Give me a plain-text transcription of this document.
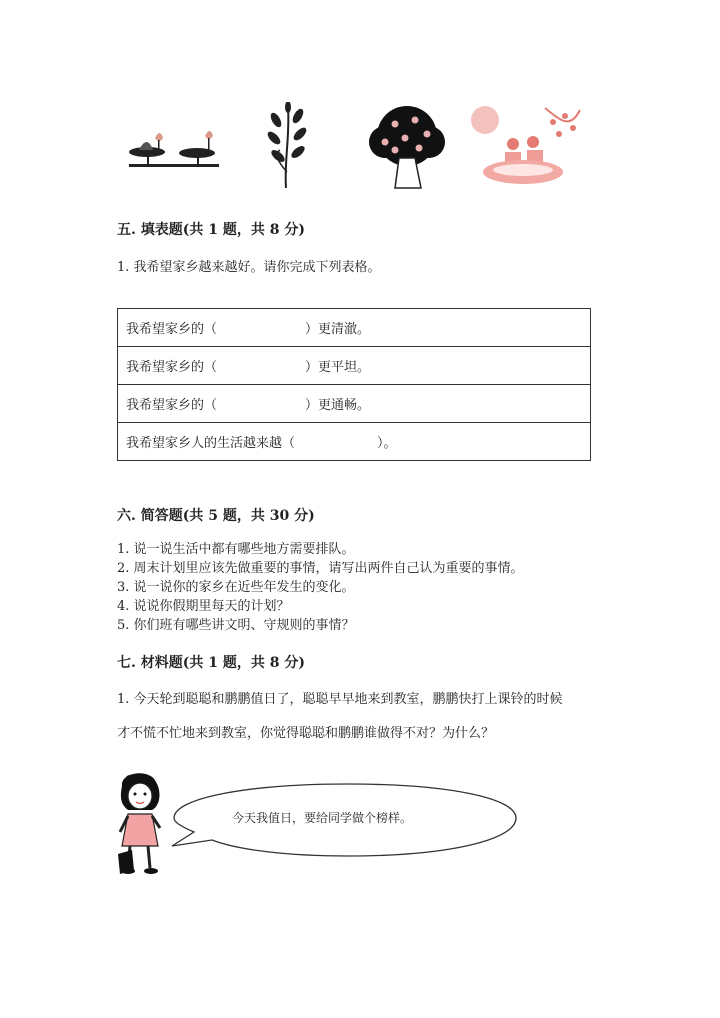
五. 填表题(共 1 题，共 8 分)
1. 我希望家乡越来越好。请你完成下列表格。
我希望家乡的（	）更清澈。
我希望家乡的（	）更平坦。
我希望家乡的（	）更通畅。
我希望家乡人的生活越来越（	）。
六. 简答题(共 5 题，共 30 分)
1. 说一说生活中都有哪些地方需要排队。
2. 周末计划里应该先做重要的事情，请写出两件自己认为重要的事情。
3. 说一说你的家乡在近些年发生的变化。
4. 说说你假期里每天的计划？
5. 你们班有哪些讲文明、守规则的事情？
七. 材料题(共 1 题，共 8 分)
1. 今天轮到聪聪和鹏鹏值日了，聪聪早早地来到教室，鹏鹏快打上课铃的时候
才不慌不忙地来到教室，你觉得聪聪和鹏鹏谁做得不对？为什么？
今天我值日，要给同学做个榜样。
